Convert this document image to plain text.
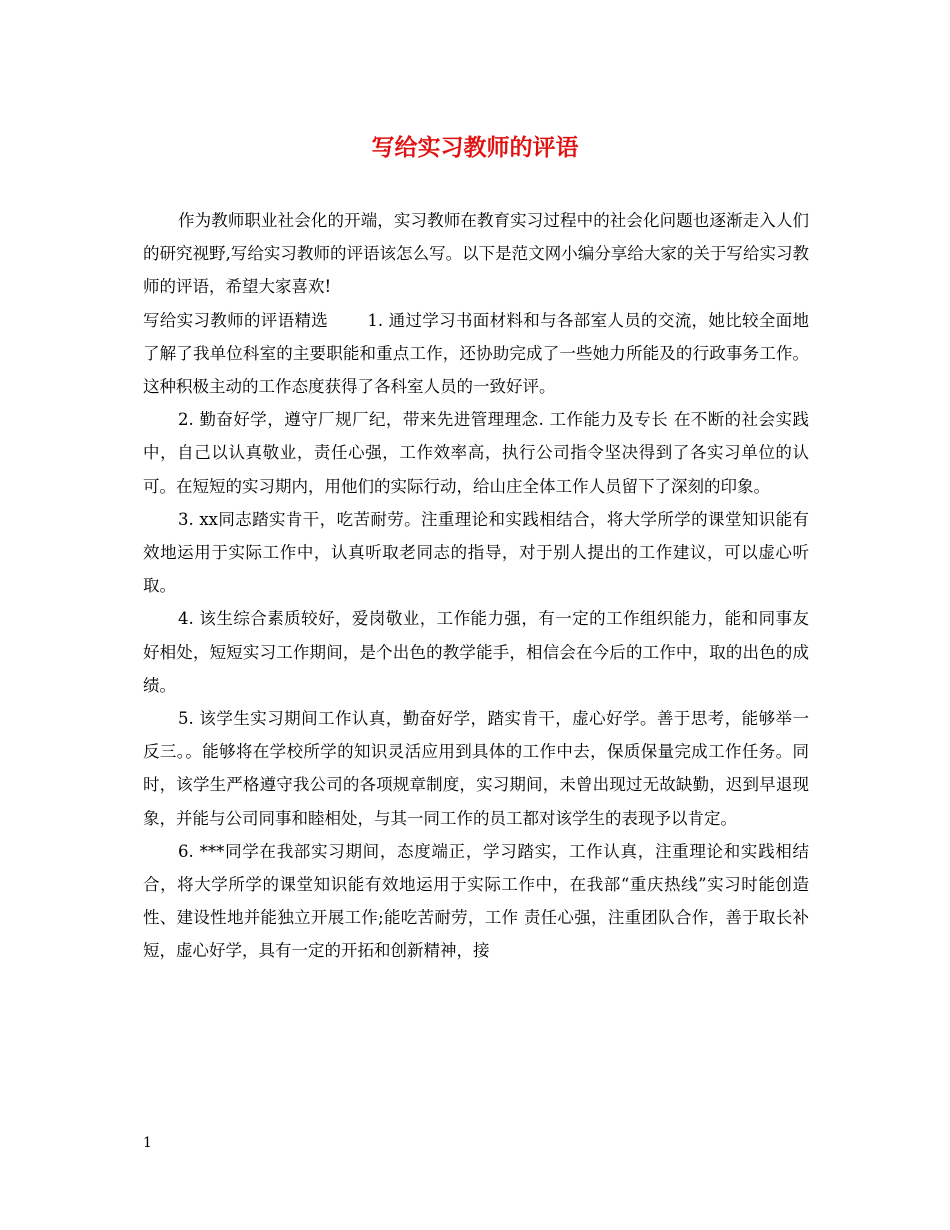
写给实习教师的评语

作为教师职业社会化的开端，实习教师在教育实习过程中的社会化问题也逐渐走入人们的研究视野,写给实习教师的评语该怎么写。以下是范文网小编分享给大家的关于写给实习教师的评语，希望大家喜欢!

写给实习教师的评语精选　　 1. 通过学习书面材料和与各部室人员的交流，她比较全面地了解了我单位科室的主要职能和重点工作，还协助完成了一些她力所能及的行政事务工作。这种积极主动的工作态度获得了各科室人员的一致好评。

2. 勤奋好学，遵守厂规厂纪，带来先进管理理念. 工作能力及专长 在不断的社会实践中，自己以认真敬业，责任心强，工作效率高，执行公司指令坚决得到了各实习单位的认可。在短短的实习期内，用他们的实际行动，给山庄全体工作人员留下了深刻的印象。

3. xx同志踏实肯干，吃苦耐劳。注重理论和实践相结合，将大学所学的课堂知识能有效地运用于实际工作中，认真听取老同志的指导，对于别人提出的工作建议，可以虚心听取。

4. 该生综合素质较好，爱岗敬业，工作能力强，有一定的工作组织能力，能和同事友好相处，短短实习工作期间，是个出色的教学能手，相信会在今后的工作中，取的出色的成绩。

5. 该学生实习期间工作认真，勤奋好学，踏实肯干，虚心好学。善于思考，能够举一反三。。能够将在学校所学的知识灵活应用到具体的工作中去，保质保量完成工作任务。同时，该学生严格遵守我公司的各项规章制度，实习期间，未曾出现过无故缺勤，迟到早退现象，并能与公司同事和睦相处，与其一同工作的员工都对该学生的表现予以肯定。

6. ***同学在我部实习期间，态度端正，学习踏实，工作认真，注重理论和实践相结合，将大学所学的课堂知识能有效地运用于实际工作中，在我部“重庆热线”实习时能创造性、建设性地并能独立开展工作;能吃苦耐劳，工作 责任心强，注重团队合作，善于取长补短，虚心好学，具有一定的开拓和创新精神，接

1
